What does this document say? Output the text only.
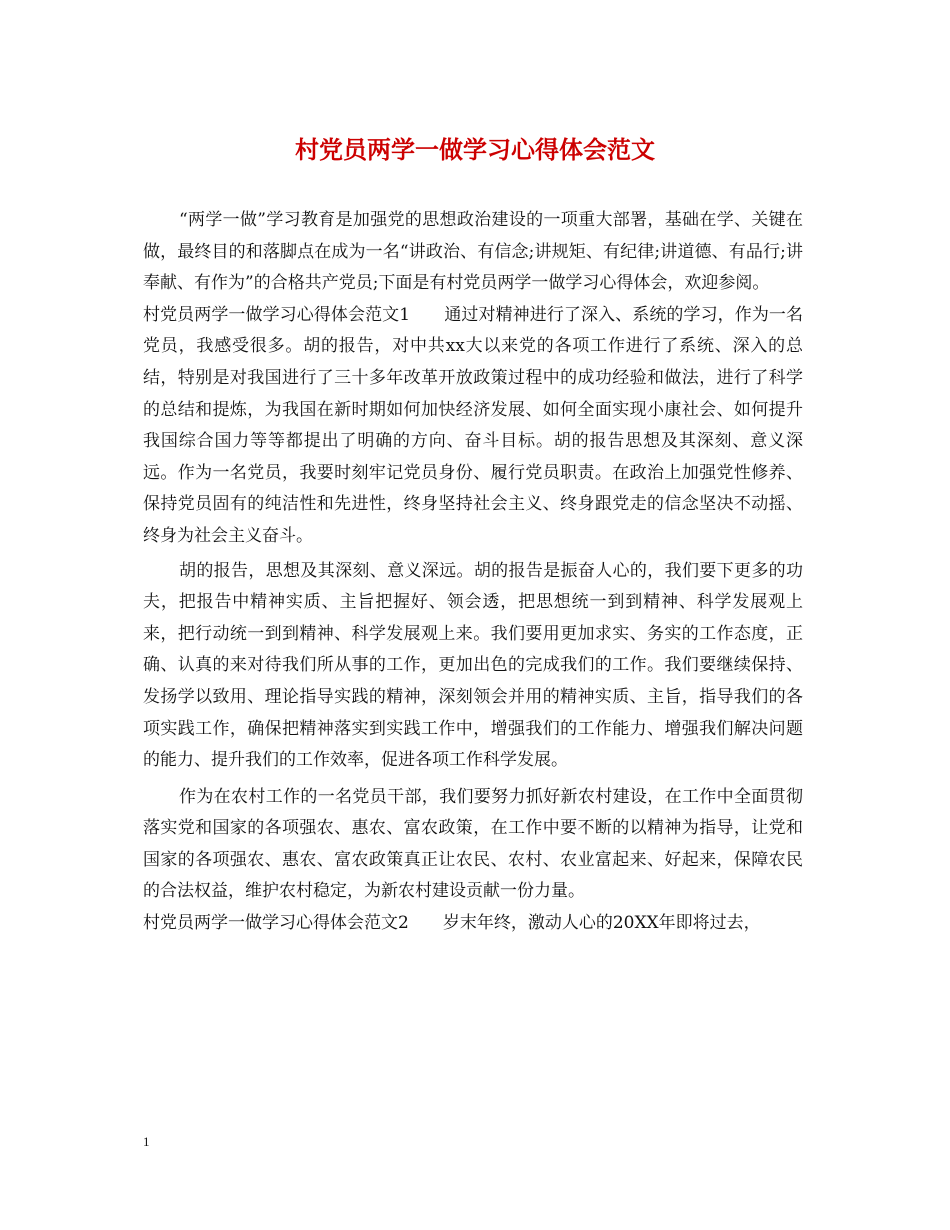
村党员两学一做学习心得体会范文

“两学一做”学习教育是加强党的思想政治建设的一项重大部署，基础在学、关键在做，最终目的和落脚点在成为一名“讲政治、有信念;讲规矩、有纪律;讲道德、有品行;讲奉献、有作为”的合格共产党员;下面是有村党员两学一做学习心得体会，欢迎参阅。

村党员两学一做学习心得体会范文1　　通过对精神进行了深入、系统的学习，作为一名党员，我感受很多。胡的报告，对中共xx大以来党的各项工作进行了系统、深入的总结，特别是对我国进行了三十多年改革开放政策过程中的成功经验和做法，进行了科学的总结和提炼，为我国在新时期如何加快经济发展、如何全面实现小康社会、如何提升我国综合国力等等都提出了明确的方向、奋斗目标。胡的报告思想及其深刻、意义深远。作为一名党员，我要时刻牢记党员身份、履行党员职责。在政治上加强党性修养、保持党员固有的纯洁性和先进性，终身坚持社会主义、终身跟党走的信念坚决不动摇、终身为社会主义奋斗。

胡的报告，思想及其深刻、意义深远。胡的报告是振奋人心的，我们要下更多的功夫，把报告中精神实质、主旨把握好、领会透，把思想统一到到精神、科学发展观上来，把行动统一到到精神、科学发展观上来。我们要用更加求实、务实的工作态度，正确、认真的来对待我们所从事的工作，更加出色的完成我们的工作。我们要继续保持、发扬学以致用、理论指导实践的精神，深刻领会并用的精神实质、主旨，指导我们的各项实践工作，确保把精神落实到实践工作中，增强我们的工作能力、增强我们解决问题的能力、提升我们的工作效率，促进各项工作科学发展。

作为在农村工作的一名党员干部，我们要努力抓好新农村建设，在工作中全面贯彻落实党和国家的各项强农、惠农、富农政策，在工作中要不断的以精神为指导，让党和国家的各项强农、惠农、富农政策真正让农民、农村、农业富起来、好起来，保障农民的合法权益，维护农村稳定，为新农村建设贡献一份力量。

村党员两学一做学习心得体会范文2　　岁末年终，激动人心的20XX年即将过去，

1
